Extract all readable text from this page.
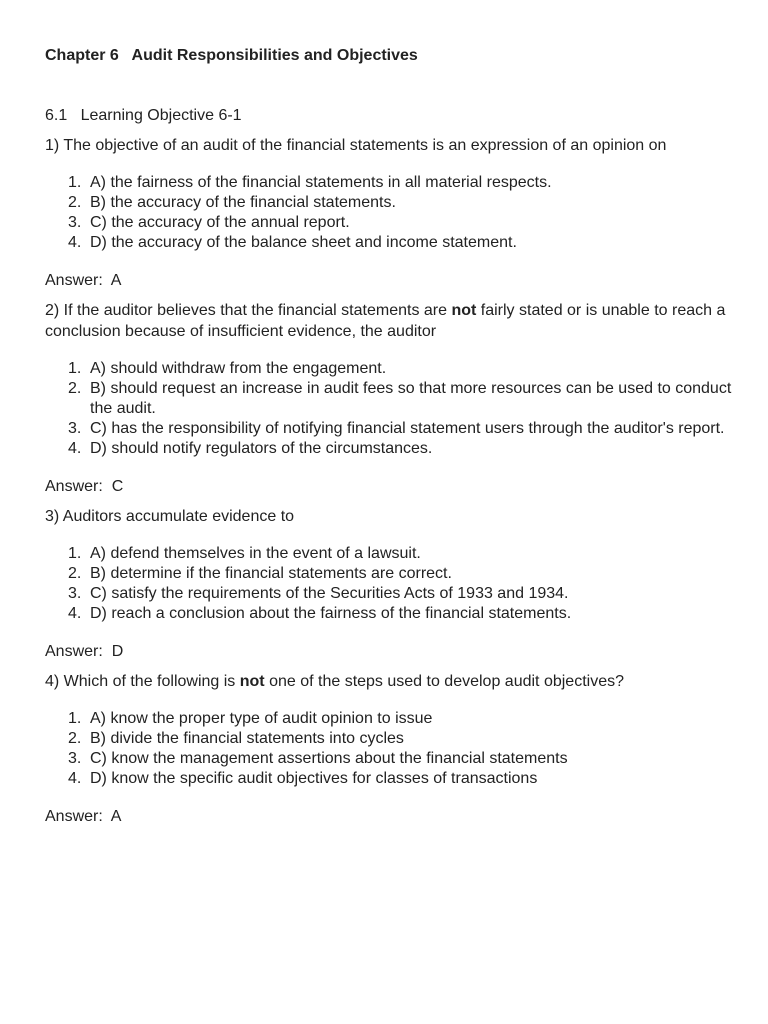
Chapter 6   Audit Responsibilities and Objectives

6.1   Learning Objective 6-1

1) The objective of an audit of the financial statements is an expression of an opinion on

1. A) the fairness of the financial statements in all material respects.
2. B) the accuracy of the financial statements.
3. C) the accuracy of the annual report.
4. D) the accuracy of the balance sheet and income statement.

Answer:  A

2) If the auditor believes that the financial statements are not fairly stated or is unable to reach a conclusion because of insufficient evidence, the auditor

1. A) should withdraw from the engagement.
2. B) should request an increase in audit fees so that more resources can be used to conduct the audit.
3. C) has the responsibility of notifying financial statement users through the auditor's report.
4. D) should notify regulators of the circumstances.

Answer:  C

3) Auditors accumulate evidence to

1. A) defend themselves in the event of a lawsuit.
2. B) determine if the financial statements are correct.
3. C) satisfy the requirements of the Securities Acts of 1933 and 1934.
4. D) reach a conclusion about the fairness of the financial statements.

Answer:  D

4) Which of the following is not one of the steps used to develop audit objectives?

1. A) know the proper type of audit opinion to issue
2. B) divide the financial statements into cycles
3. C) know the management assertions about the financial statements
4. D) know the specific audit objectives for classes of transactions

Answer:  A
